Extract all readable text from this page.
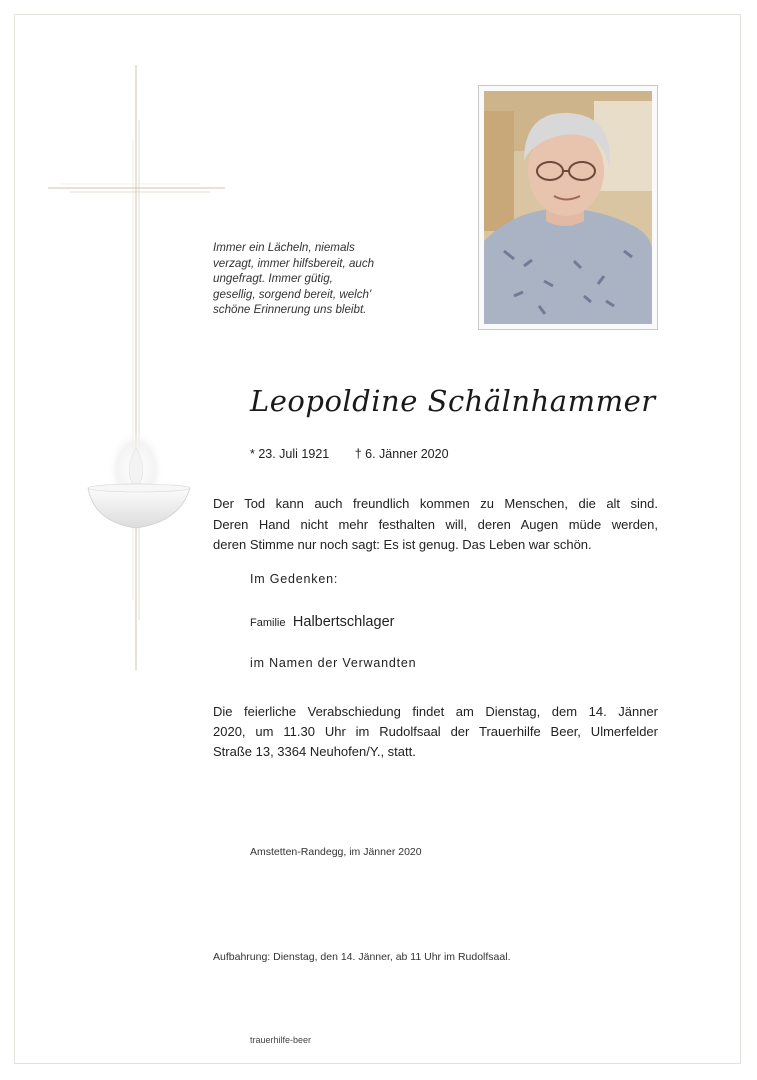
Immer ein Lächeln, niemals
verzagt, immer hilfsbereit, auch
ungefragt. Immer gütig,
gesellig, sorgend bereit, welch'
schöne Erinnerung uns bleibt.
Leopoldine Schälnhammer
* 23. Juli 1921 † 6. Jänner 2020
Der Tod kann auch freundlich kommen zu Menschen, die alt sind.
Deren Hand nicht mehr festhalten will, deren Augen müde werden,
deren Stimme nur noch sagt: Es ist genug. Das Leben war schön.
Im Gedenken:
Familie Halbertschlager
im Namen der Verwandten
Die feierliche Verabschiedung findet am Dienstag, dem 14. Jänner
2020, um 11.30 Uhr im Rudolfsaal der Trauerhilfe Beer, Ulmerfelder
Straße 13, 3364 Neuhofen/Y., statt.
Amstetten-Randegg, im Jänner 2020
Aufbahrung: Dienstag, den 14. Jänner, ab 11 Uhr im Rudolfsaal.
trauerhilfe-beer
